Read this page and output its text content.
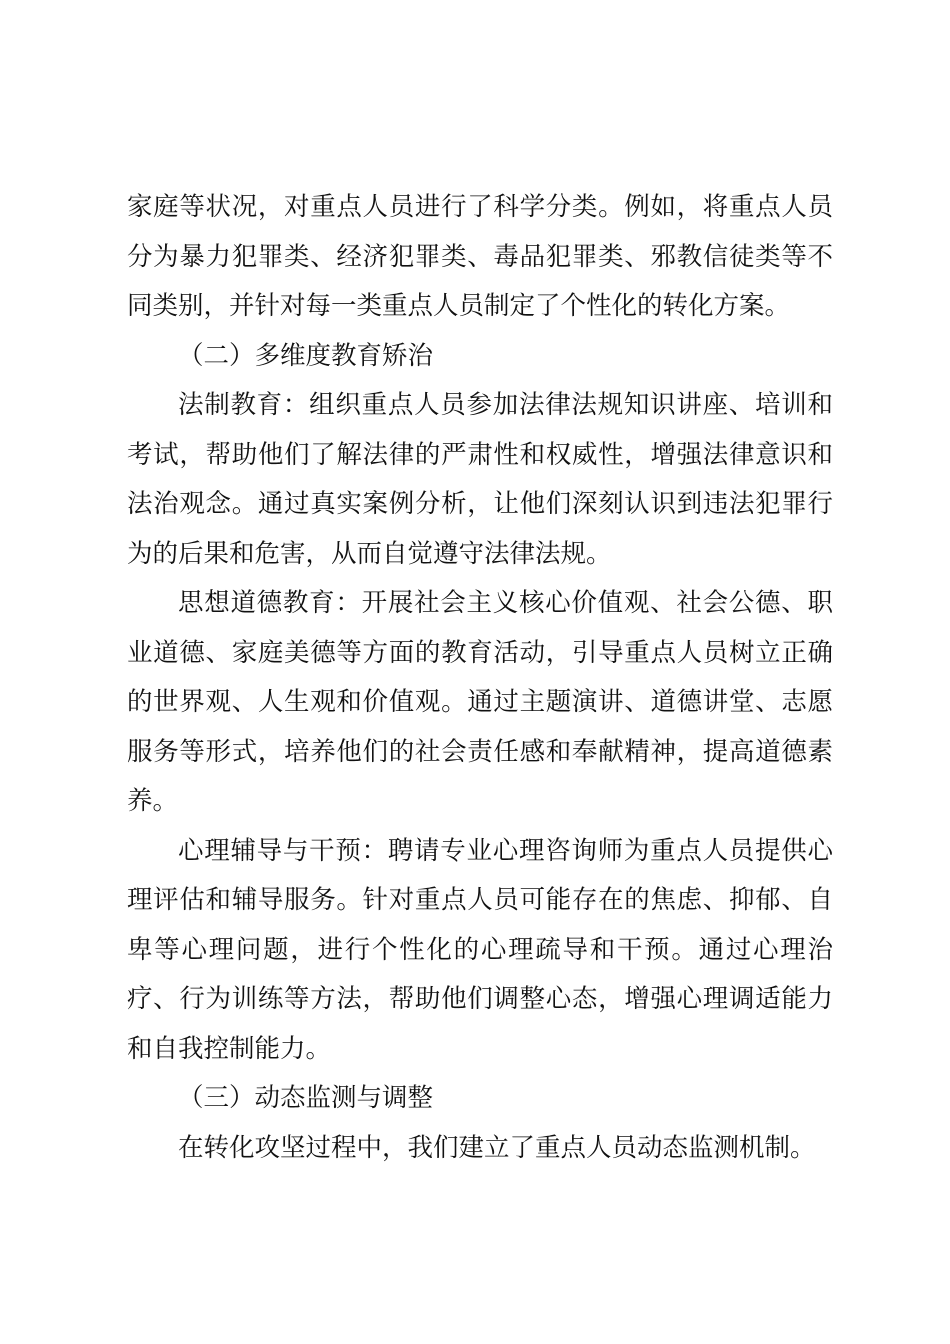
家庭等状况，对重点人员进行了科学分类。例如，将重点人员分为暴力犯罪类、经济犯罪类、毒品犯罪类、邪教信徒类等不同类别，并针对每一类重点人员制定了个性化的转化方案。

（二）多维度教育矫治

法制教育：组织重点人员参加法律法规知识讲座、培训和考试，帮助他们了解法律的严肃性和权威性，增强法律意识和法治观念。通过真实案例分析，让他们深刻认识到违法犯罪行为的后果和危害，从而自觉遵守法律法规。

思想道德教育：开展社会主义核心价值观、社会公德、职业道德、家庭美德等方面的教育活动，引导重点人员树立正确的世界观、人生观和价值观。通过主题演讲、道德讲堂、志愿服务等形式，培养他们的社会责任感和奉献精神，提高道德素养。

心理辅导与干预：聘请专业心理咨询师为重点人员提供心理评估和辅导服务。针对重点人员可能存在的焦虑、抑郁、自卑等心理问题，进行个性化的心理疏导和干预。通过心理治疗、行为训练等方法，帮助他们调整心态，增强心理调适能力和自我控制能力。

（三）动态监测与调整

在转化攻坚过程中，我们建立了重点人员动态监测机制。
